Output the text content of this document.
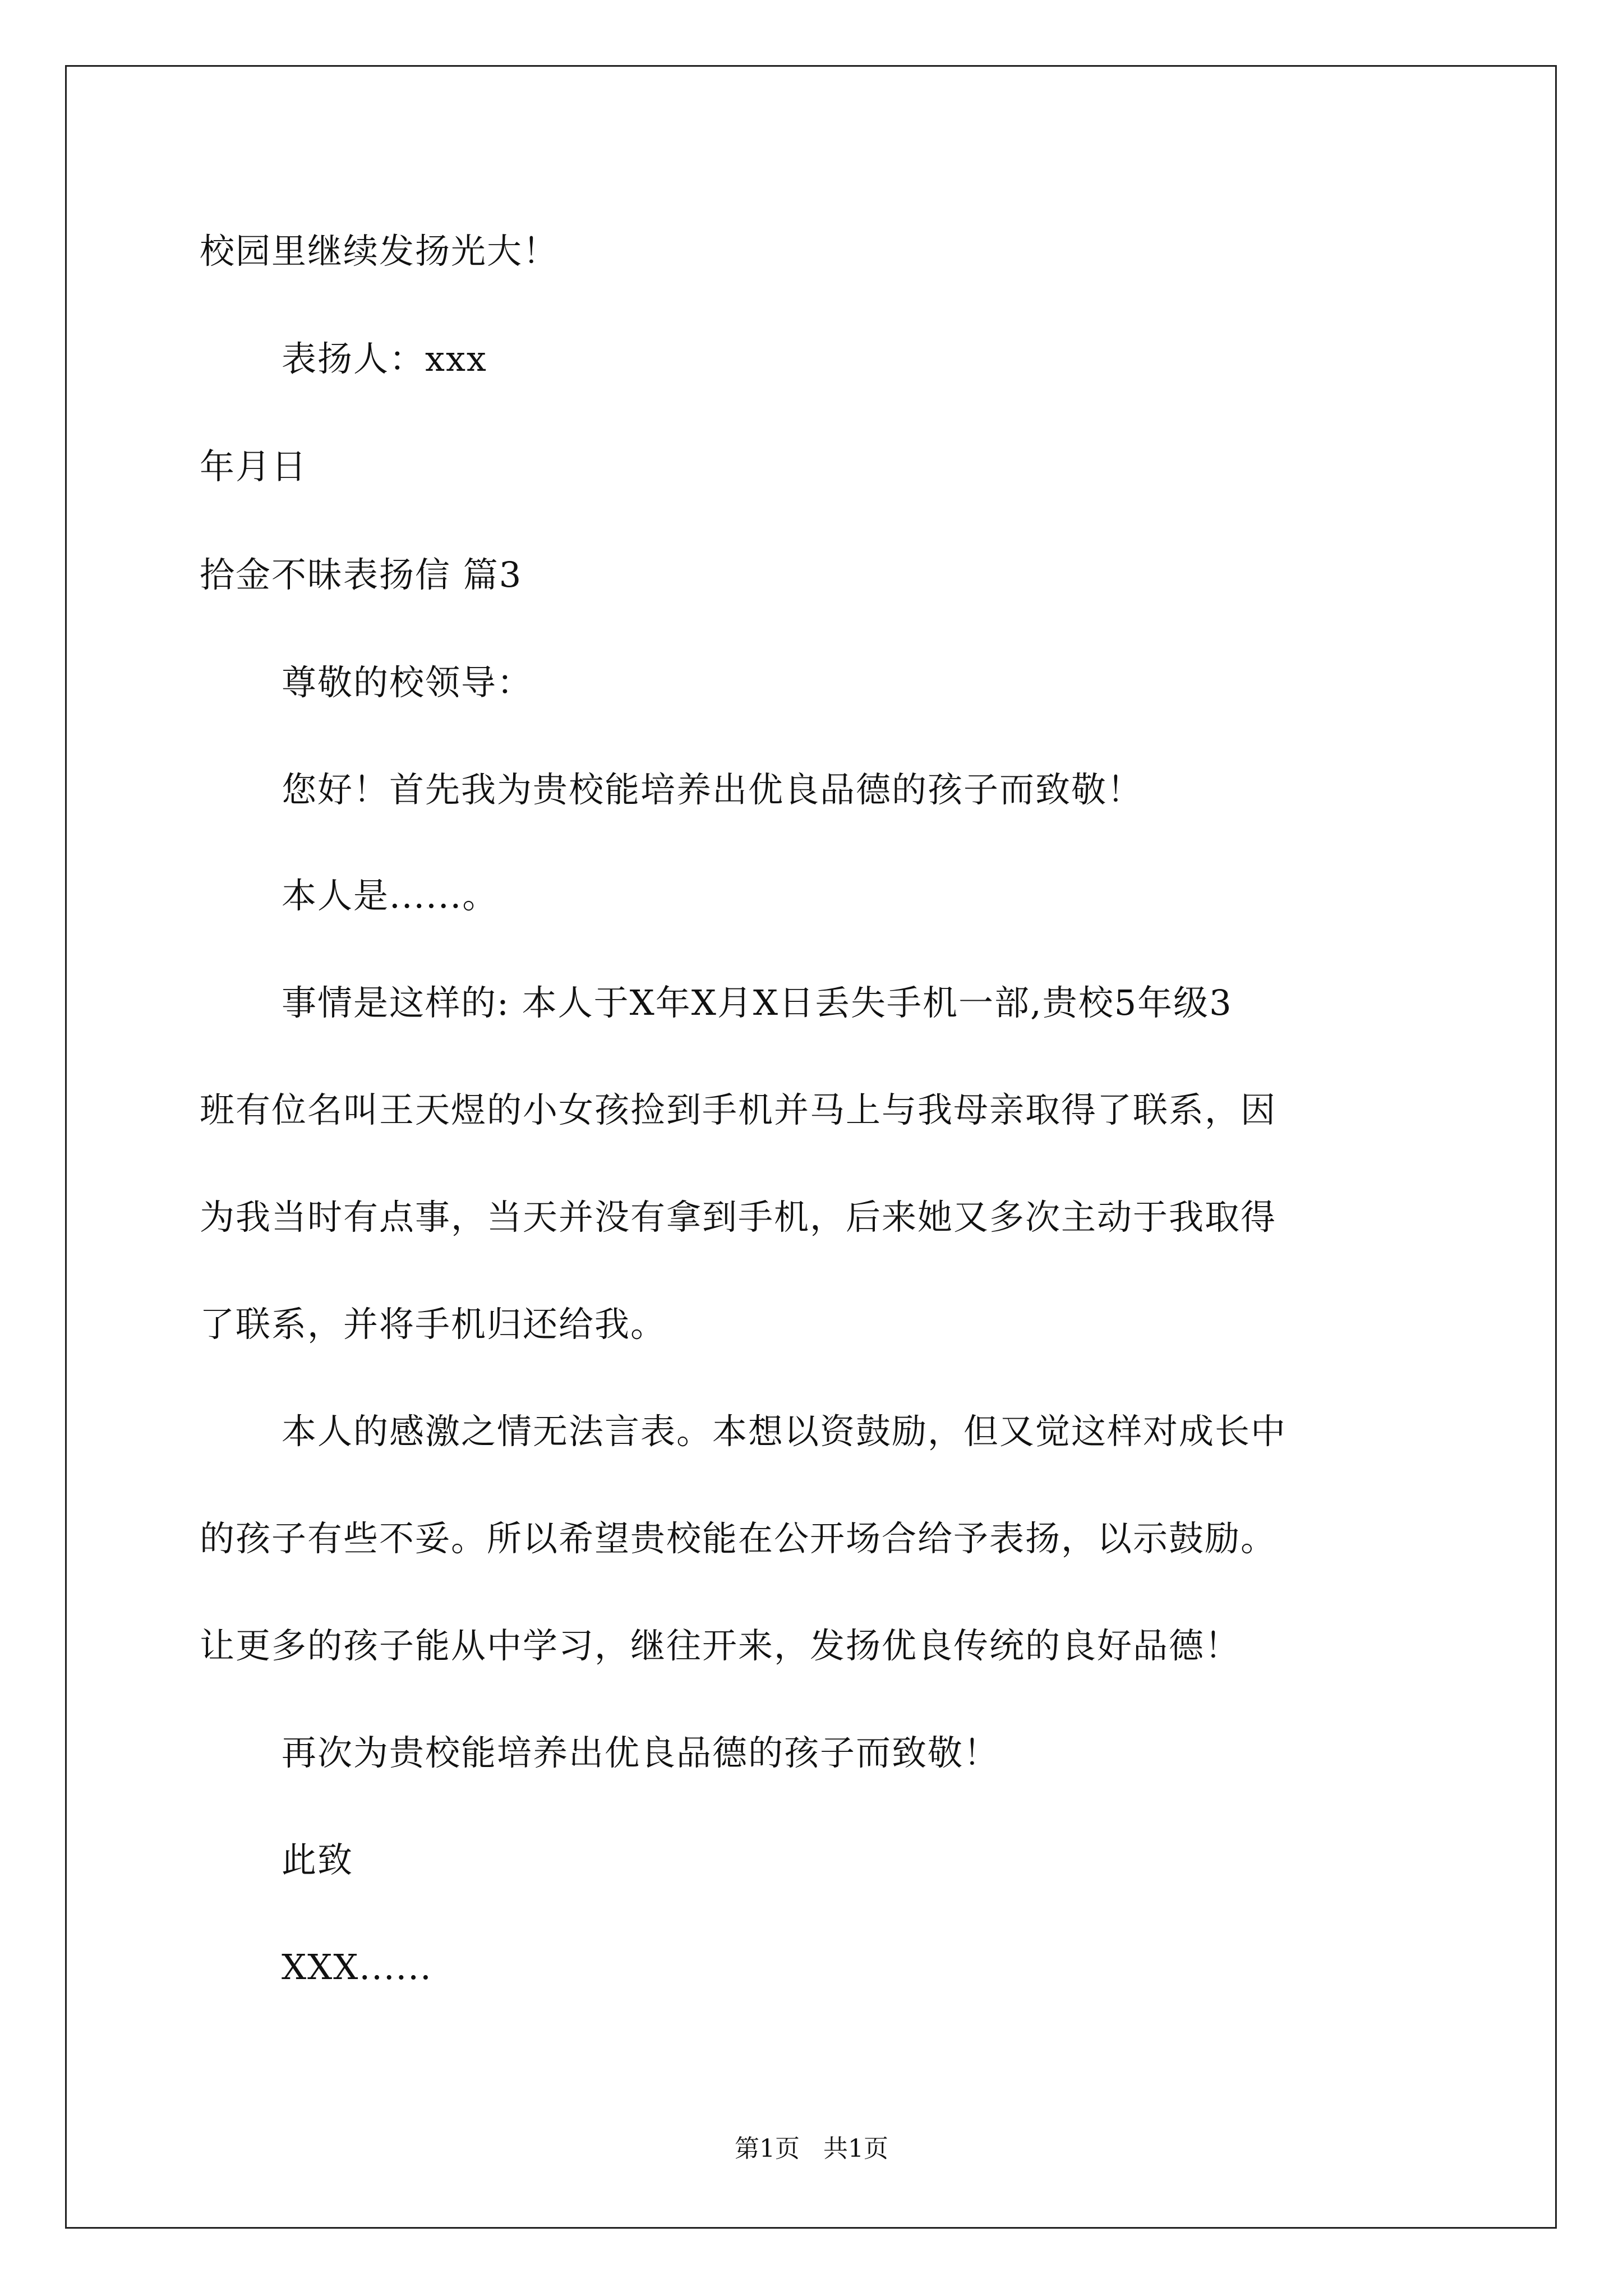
校园里继续发扬光大！
表扬人：xxx
年月日
拾金不昧表扬信 篇3
尊敬的校领导：
您好！首先我为贵校能培养出优良品德的孩子而致敬！
本人是......。
事情是这样的: 本人于X年X月X日丢失手机一部,贵校5年级3
班有位名叫王天煜的小女孩捡到手机并马上与我母亲取得了联系，因
为我当时有点事，当天并没有拿到手机，后来她又多次主动于我取得
了联系，并将手机归还给我。
本人的感激之情无法言表。本想以资鼓励，但又觉这样对成长中
的孩子有些不妥。所以希望贵校能在公开场合给予表扬，以示鼓励。
让更多的孩子能从中学习，继往开来，发扬优良传统的良好品德！
再次为贵校能培养出优良品德的孩子而致敬！
此致
XXX......
第1页   共1页
